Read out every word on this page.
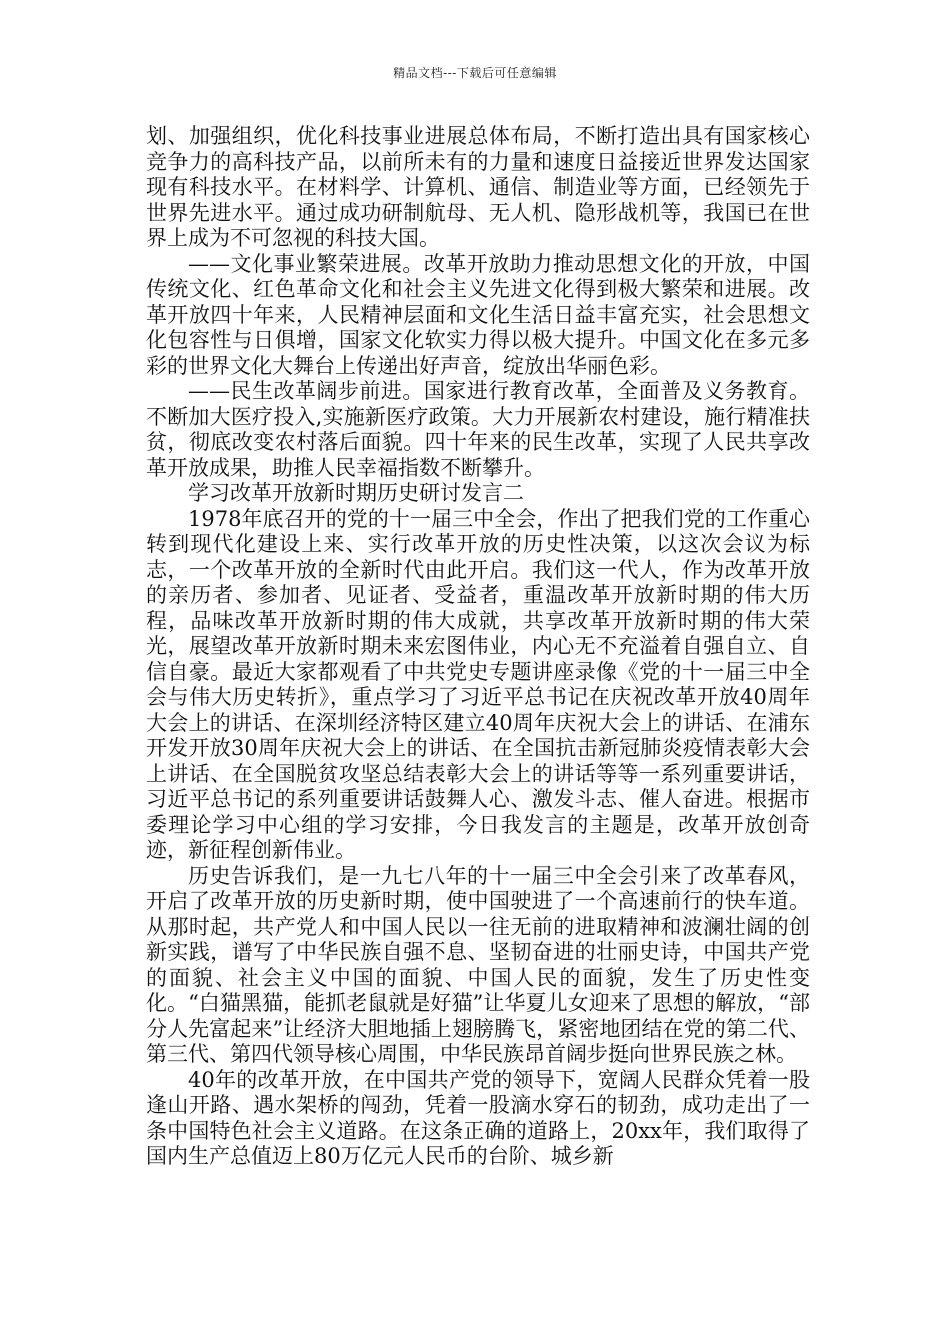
精品文档---下载后可任意编辑

划、加强组织，优化科技事业进展总体布局，不断打造出具有国家核心竞争力的高科技产品，以前所未有的力量和速度日益接近世界发达国家现有科技水平。在材料学、计算机、通信、制造业等方面，已经领先于世界先进水平。通过成功研制航母、无人机、隐形战机等，我国已在世界上成为不可忽视的科技大国。

——文化事业繁荣进展。改革开放助力推动思想文化的开放，中国传统文化、红色革命文化和社会主义先进文化得到极大繁荣和进展。改革开放四十年来，人民精神层面和文化生活日益丰富充实，社会思想文化包容性与日俱增，国家文化软实力得以极大提升。中国文化在多元多彩的世界文化大舞台上传递出好声音，绽放出华丽色彩。

——民生改革阔步前进。国家进行教育改革，全面普及义务教育。不断加大医疗投入,实施新医疗政策。大力开展新农村建设，施行精准扶贫，彻底改变农村落后面貌。四十年来的民生改革，实现了人民共享改革开放成果，助推人民幸福指数不断攀升。

学习改革开放新时期历史研讨发言二

1978年底召开的党的十一届三中全会，作出了把我们党的工作重心转到现代化建设上来、实行改革开放的历史性决策，以这次会议为标志，一个改革开放的全新时代由此开启。我们这一代人，作为改革开放的亲历者、参加者、见证者、受益者，重温改革开放新时期的伟大历程，品味改革开放新时期的伟大成就，共享改革开放新时期的伟大荣光，展望改革开放新时期未来宏图伟业，内心无不充溢着自强自立、自信自豪。最近大家都观看了中共党史专题讲座录像《党的十一届三中全会与伟大历史转折》，重点学习了习近平总书记在庆祝改革开放40周年大会上的讲话、在深圳经济特区建立40周年庆祝大会上的讲话、在浦东开发开放30周年庆祝大会上的讲话、在全国抗击新冠肺炎疫情表彰大会上讲话、在全国脱贫攻坚总结表彰大会上的讲话等等一系列重要讲话，习近平总书记的系列重要讲话鼓舞人心、激发斗志、催人奋进。根据市委理论学习中心组的学习安排，今日我发言的主题是，改革开放创奇迹，新征程创新伟业。

历史告诉我们，是一九七八年的十一届三中全会引来了改革春风，开启了改革开放的历史新时期，使中国驶进了一个高速前行的快车道。从那时起，共产党人和中国人民以一往无前的进取精神和波澜壮阔的创新实践，谱写了中华民族自强不息、坚韧奋进的壮丽史诗，中国共产党的面貌、社会主义中国的面貌、中国人民的面貌，发生了历史性变化。“白猫黑猫，能抓老鼠就是好猫”让华夏儿女迎来了思想的解放，“部分人先富起来”让经济大胆地插上翅膀腾飞，紧密地团结在党的第二代、第三代、第四代领导核心周围，中华民族昂首阔步挺向世界民族之林。

40年的改革开放，在中国共产党的领导下，宽阔人民群众凭着一股逢山开路、遇水架桥的闯劲，凭着一股滴水穿石的韧劲，成功走出了一条中国特色社会主义道路。在这条正确的道路上，20xx年，我们取得了国内生产总值迈上80万亿元人民币的台阶、城乡新
